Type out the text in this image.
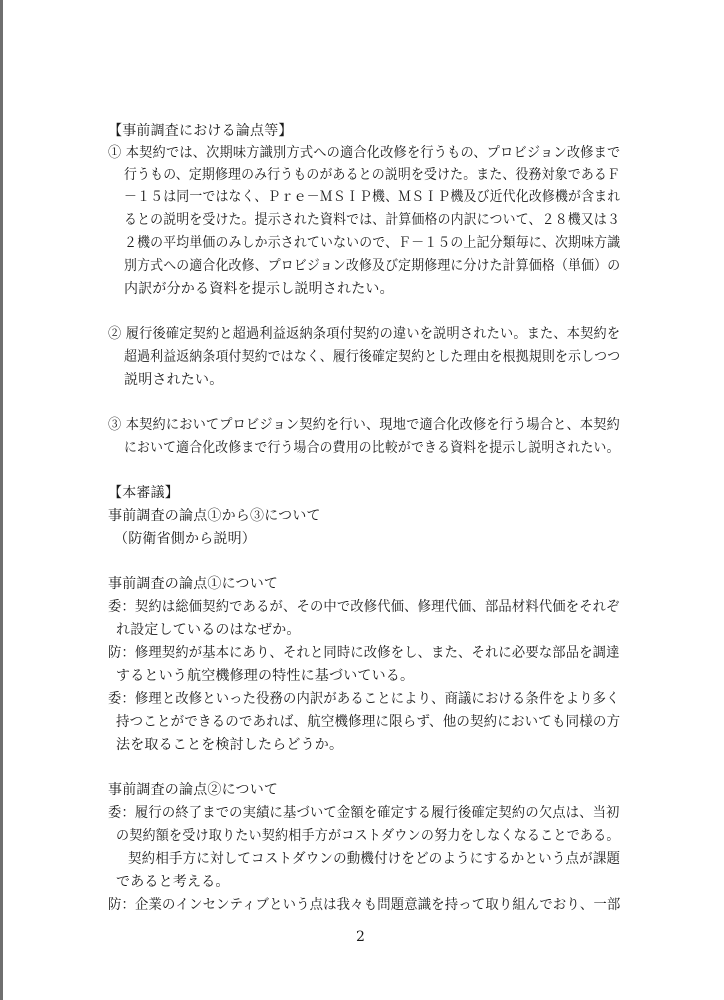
【事前調査における論点等】
① 本契約では、次期味方識別方式への適合化改修を行うもの、プロビジョン改修まで
行うもの、定期修理のみ行うものがあるとの説明を受けた。また、役務対象であるＦ
－１５は同一ではなく、Ｐｒｅ－ＭＳＩＰ機、ＭＳＩＰ機及び近代化改修機が含まれ
るとの説明を受けた。提示された資料では、計算価格の内訳について、２８機又は３
２機の平均単価のみしか示されていないので、Ｆ－１５の上記分類毎に、次期味方識
別方式への適合化改修、プロビジョン改修及び定期修理に分けた計算価格（単価）の
内訳が分かる資料を提示し説明されたい。
② 履行後確定契約と超過利益返納条項付契約の違いを説明されたい。また、本契約を
超過利益返納条項付契約ではなく、履行後確定契約とした理由を根拠規則を示しつつ
説明されたい。
③ 本契約においてプロビジョン契約を行い、現地で適合化改修を行う場合と、本契約
において適合化改修まで行う場合の費用の比較ができる資料を提示し説明されたい。
【本審議】
事前調査の論点①から③について
（防衛省側から説明）
事前調査の論点①について
委：契約は総価契約であるが、その中で改修代価、修理代価、部品材料代価をそれぞ
れ設定しているのはなぜか。
防：修理契約が基本にあり、それと同時に改修をし、また、それに必要な部品を調達
するという航空機修理の特性に基づいている。
委：修理と改修といった役務の内訳があることにより、商議における条件をより多く
持つことができるのであれば、航空機修理に限らず、他の契約においても同様の方
法を取ることを検討したらどうか。
事前調査の論点②について
委：履行の終了までの実績に基づいて金額を確定する履行後確定契約の欠点は、当初
の契約額を受け取りたい契約相手方がコストダウンの努力をしなくなることである。
契約相手方に対してコストダウンの動機付けをどのようにするかという点が課題
であると考える。
防：企業のインセンティブという点は我々も問題意識を持って取り組んでおり、一部
2
